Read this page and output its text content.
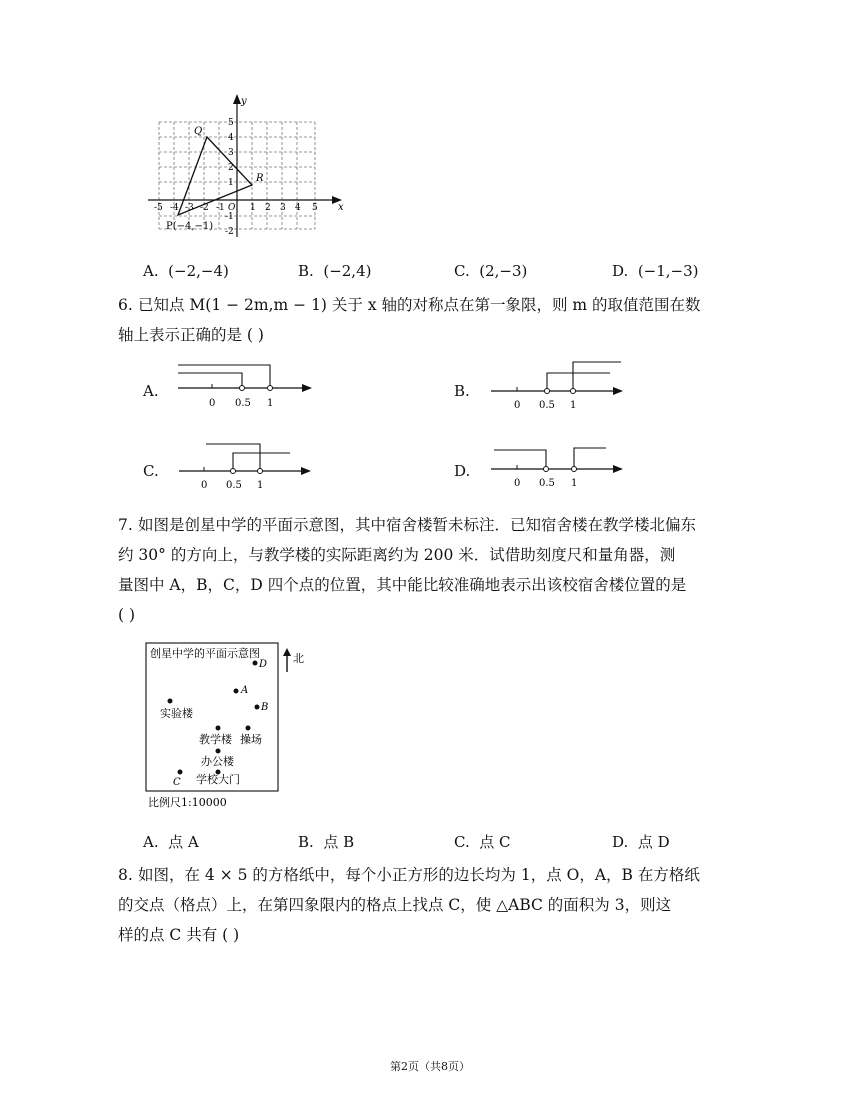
y
x
-5 -4 -3 -2 -1 O 1 2 3 4 5
5
4
3
2
1
-1
-2
Q
R
P(−4,−1)
A. (−2,−4)	B. (−2,4)	C. (2,−3)	D. (−1,−3)
6. 已知点 M(1 − 2m,m − 1) 关于 x 轴的对称点在第一象限，则 m 的取值范围在数
轴上表示正确的是 ( )
A.
0 0.5 1
B.
0 0.5 1
C.
0 0.5 1
D.
0 0.5 1
7. 如图是创星中学的平面示意图，其中宿舍楼暂未标注．已知宿舍楼在教学楼北偏东
约 30° 的方向上，与教学楼的实际距离约为 200 米．试借助刻度尺和量角器，测
量图中 A，B，C，D 四个点的位置，其中能比较准确地表示出该校宿舍楼位置的是
( )
创星中学的平面示意图	北
D
A
实验楼	B
教学楼 操场
办公楼
C 学校大门
比例尺1:10000
A. 点 A	B. 点 B	C. 点 C	D. 点 D
8. 如图，在 4 × 5 的方格纸中，每个小正方形的边长均为 1，点 O，A，B 在方格纸
的交点（格点）上，在第四象限内的格点上找点 C，使 △ABC 的面积为 3，则这
样的点 C 共有 ( )
第2页（共8页）
